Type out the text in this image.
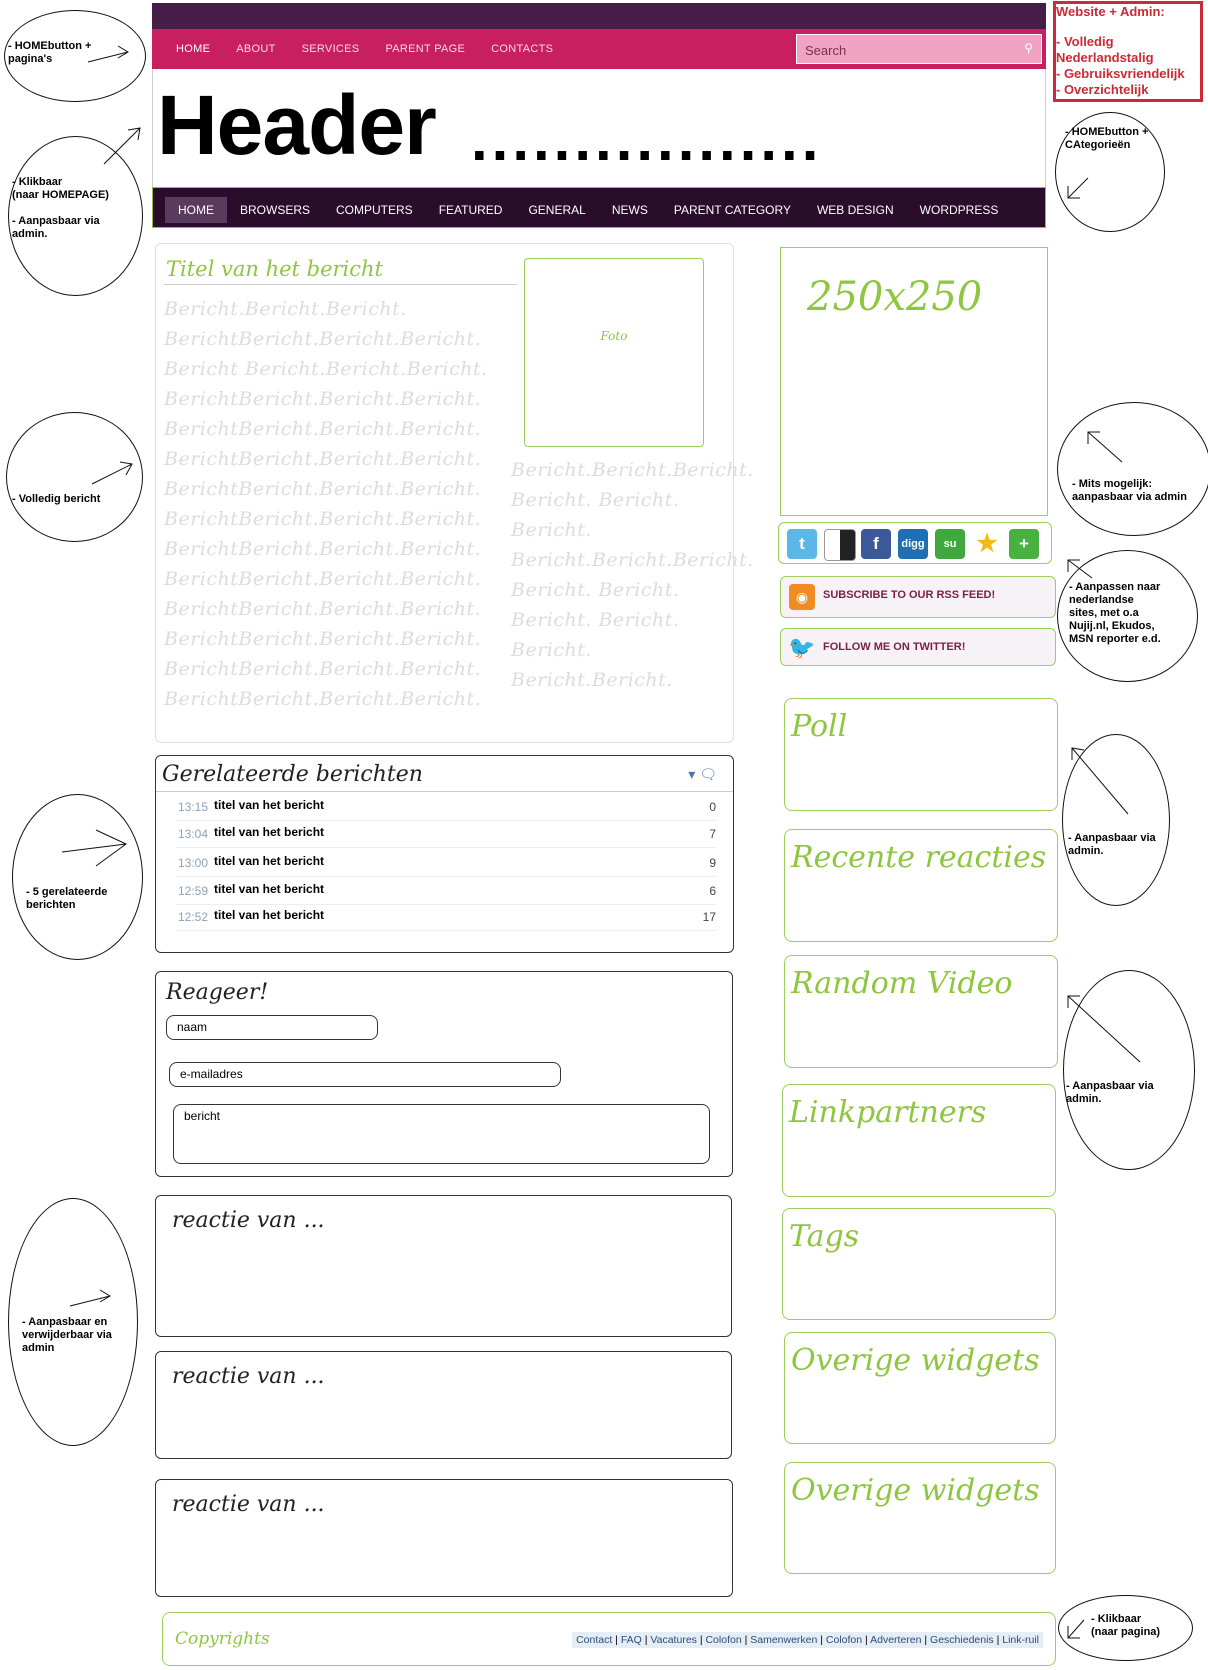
HOME ABOUT SERVICES PARENT PAGE CONTACTS	Search	⚲
Header .................
HOME	BROWSERS	COMPUTERS	FEATURED	GENERAL	NEWS	PARENT CATEGORY	WEB DESIGN	WORDPRESS
Titel van het bericht
Bericht.Bericht.Bericht. BerichtBericht.Bericht.Bericht. Bericht Bericht.Bericht.Bericht. BerichtBericht.Bericht.Bericht. BerichtBericht.Bericht.Bericht. BerichtBericht.Bericht.Bericht. BerichtBericht.Bericht.Bericht. BerichtBericht.Bericht.Bericht. BerichtBericht.Bericht.Bericht. BerichtBericht.Bericht.Bericht. BerichtBericht.Bericht.Bericht. BerichtBericht.Bericht.Bericht. BerichtBericht.Bericht.Bericht. BerichtBericht.Bericht.Bericht.
Foto
Bericht.Bericht.Bericht. Bericht. Bericht. Bericht. Bericht.Bericht.Bericht. Bericht. Bericht. Bericht. Bericht. Bericht. Bericht.Bericht.
Gerelateerde berichten	▾ 🗨
13:15 titel van het bericht	0
13:04 titel van het bericht	7
13:00 titel van het bericht	9
12:59 titel van het bericht	6
12:52 titel van het bericht	17
Reageer!
naam
e-mailadres
bericht
reactie van ...
reactie van ...
reactie van ...
250x250
t	f	digg	su ★	+
◉	SUBSCRIBE TO OUR RSS FEED!
🐦 FOLLOW ME ON TWITTER!
Poll
Recente reacties
Random Video
Linkpartners
Tags
Overige widgets
Overige widgets
Copyrights	Contact | FAQ | Vacatures | Colofon | Samenwerken | Colofon | Adverteren | Geschiedenis | Link-ruil
- HOMEbutton +
pagina's
- Klikbaar
(naar HOMEPAGE)

- Aanpasbaar via
admin.
- Volledig bericht
- 5 gerelateerde
berichten
- Aanpasbaar en
verwijderbaar via
admin
- HOMEbutton +
CAtegorieën
- Mits mogelijk:
aanpasbaar via admin
- Aanpassen naar
nederlandse
sites, met o.a
Nujij.nl, Ekudos,
MSN reporter e.d.
- Aanpasbaar via
admin.
- Aanpasbaar via
admin.
- Klikbaar
(naar pagina)
Website + Admin:
- Volledig Nederlandstalig
- Gebruiksvriendelijk
- Overzichtelijk
